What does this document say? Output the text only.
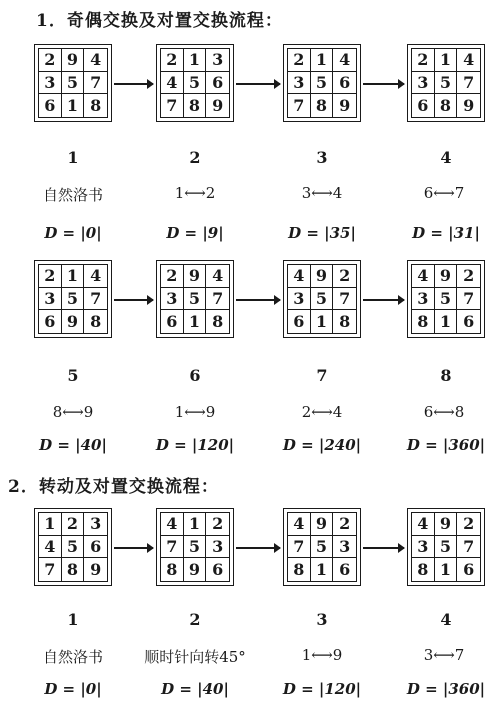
1．奇偶交换及对置交换流程：
2．转动及对置交换流程：
2 9 4
3 5 7
6 1 8
1
自然洛书
D = |0|
2 1 3
4 5 6
7 8 9
2
1⟷2
D = |9|
2 1 4
3 5 6
7 8 9
3
3⟷4
D = |35|
2 1 4
3 5 7
6 8 9
4
6⟷7
D = |31|
2 1 4
3 5 7
6 9 8
5
8⟷9
D = |40|
2 9 4
3 5 7
6 1 8
6
1⟷9
D = |120|
4 9 2
3 5 7
6 1 8
7
2⟷4
D = |240|
4 9 2
3 5 7
8 1 6
8
6⟷8
D = |360|
1 2 3
4 5 6
7 8 9
1
自然洛书
D = |0|
4 1 2
7 5 3
8 9 6
2
顺时针向转45°
D = |40|
4 9 2
7 5 3
8 1 6
3
1⟷9
D = |120|
4 9 2
3 5 7
8 1 6
4
3⟷7
D = |360|
